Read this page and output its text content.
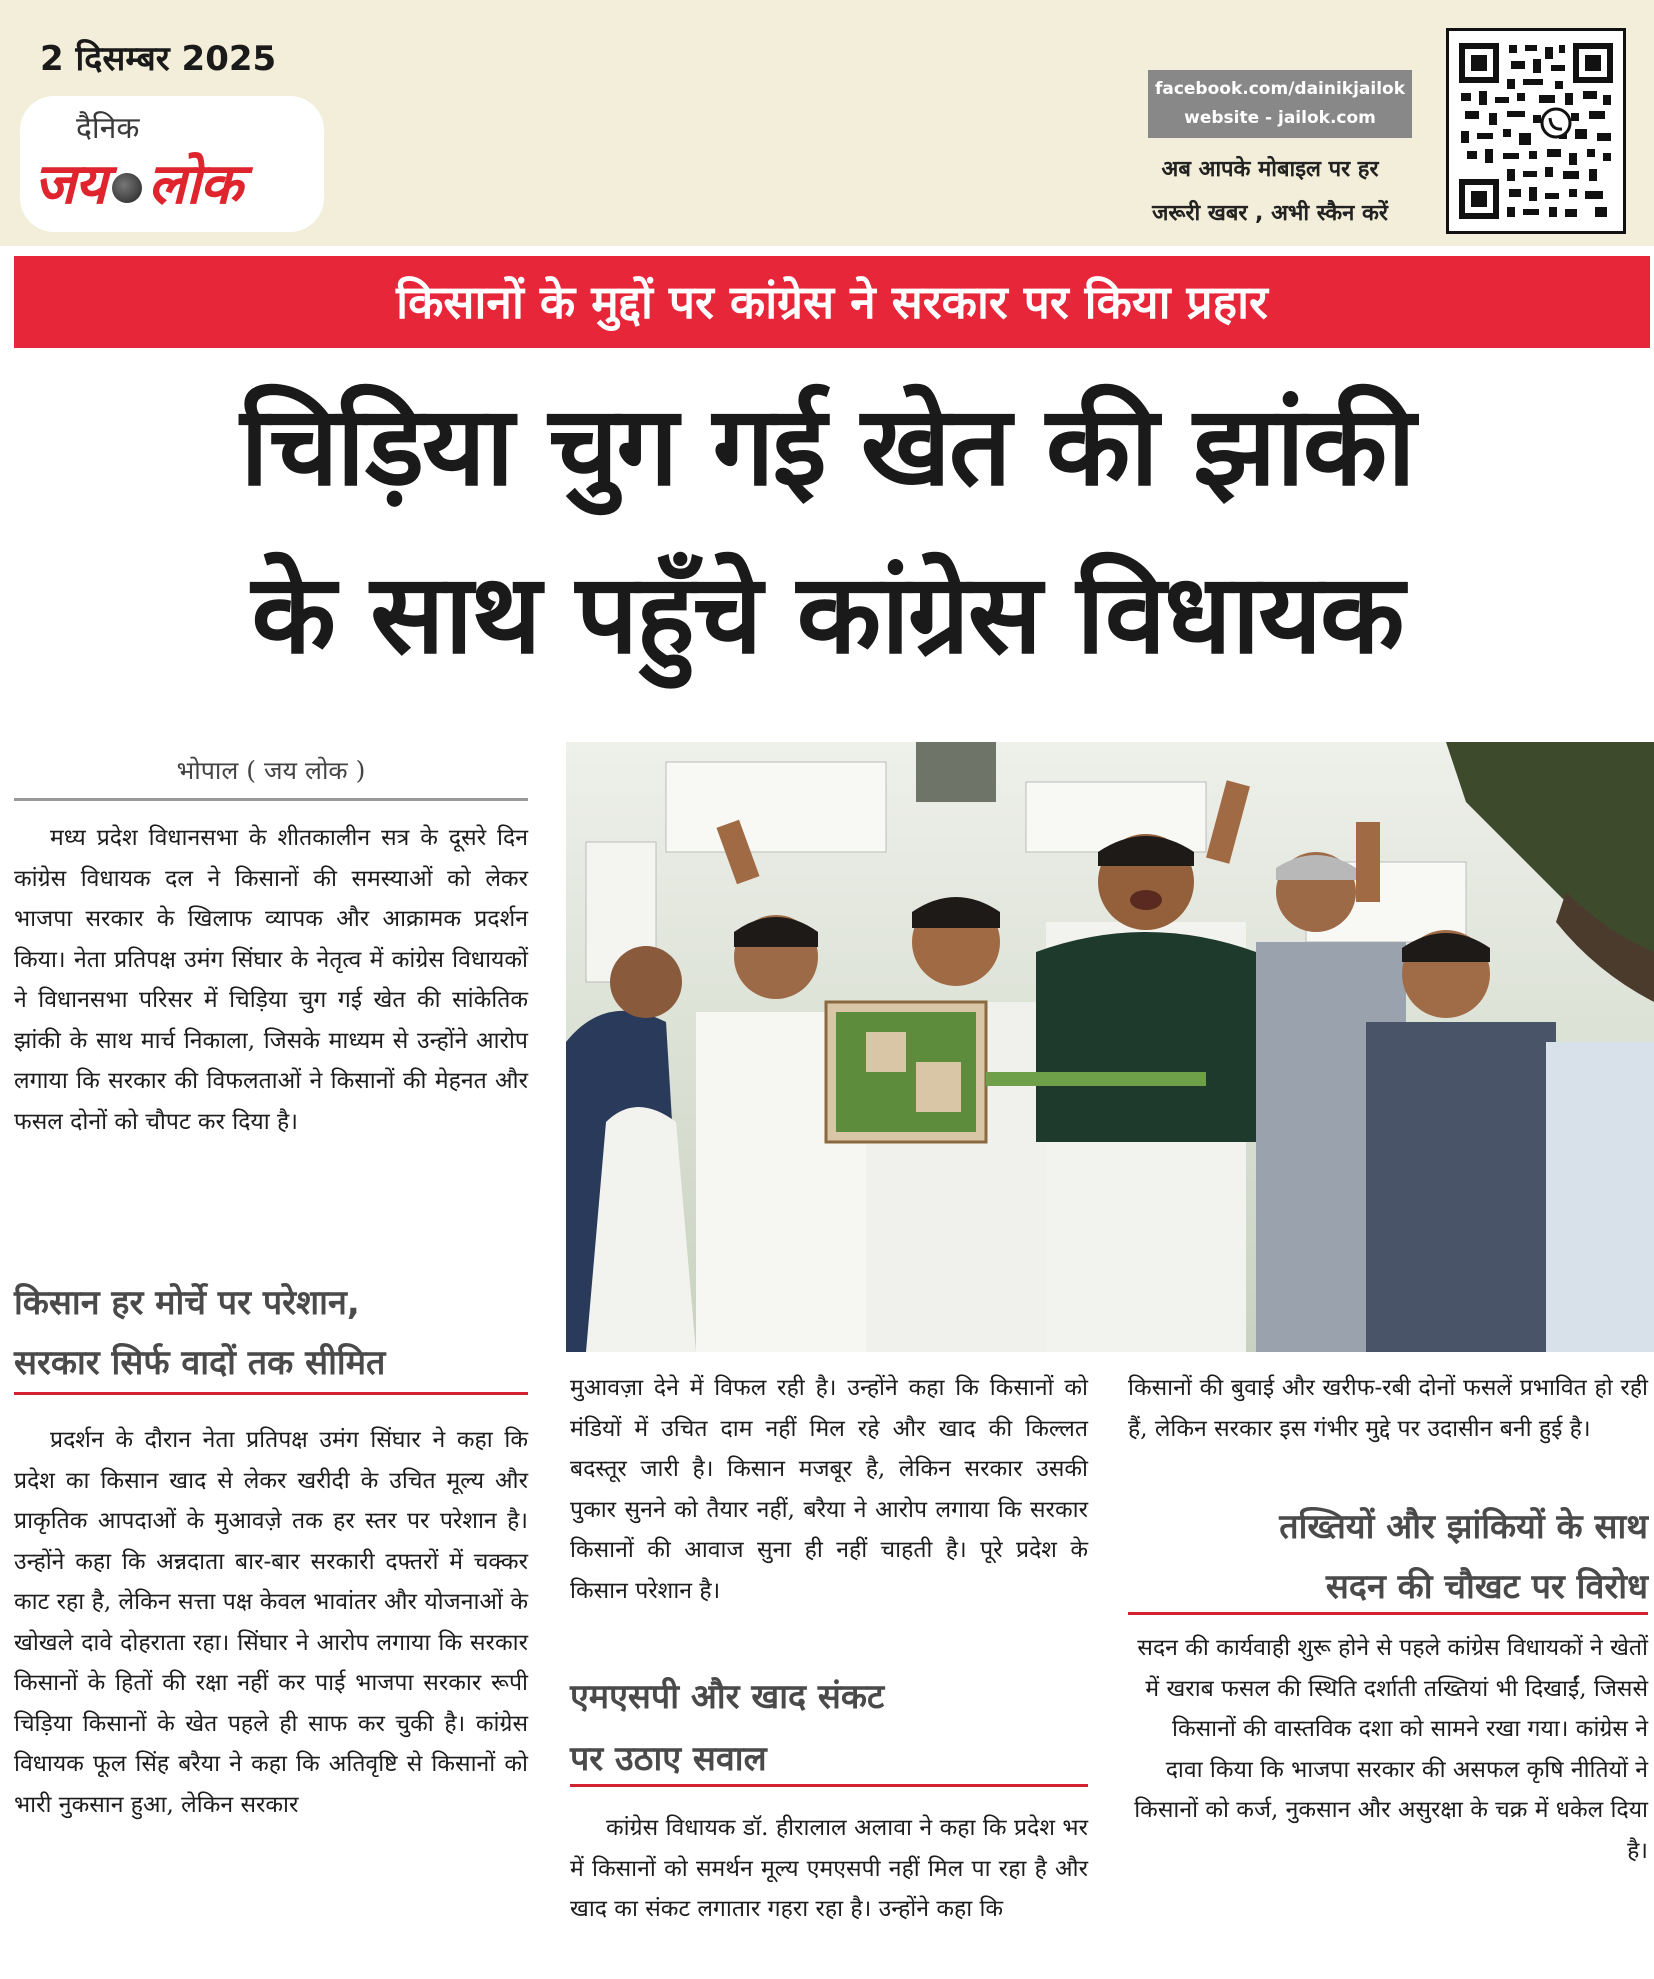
2 दिसम्बर 2025
दैनिक
जय लोक
facebook.com/dainikjailok
website - jailok.com
अब आपके मोबाइल पर हर
जरूरी खबर , अभी स्कैन करें
किसानों के मुद्दों पर कांग्रेस ने सरकार पर किया प्रहार
चिड़िया चुग गई खेत की झांकी
के साथ पहुँचे कांग्रेस विधायक
भोपाल ( जय लोक )

मध्य प्रदेश विधानसभा के शीतकालीन सत्र के दूसरे दिन कांग्रेस विधायक दल ने किसानों की समस्याओं को लेकर भाजपा सरकार के खिलाफ व्यापक और आक्रामक प्रदर्शन किया। नेता प्रतिपक्ष उमंग सिंघार के नेतृत्व में कांग्रेस विधायकों ने विधानसभा परिसर में चिड़िया चुग गई खेत की सांकेतिक झांकी के साथ मार्च निकाला, जिसके माध्यम से उन्होंने आरोप लगाया कि सरकार की विफलताओं ने किसानों की मेहनत और फसल दोनों को चौपट कर दिया है।

किसान हर मोर्चे पर परेशान,
सरकार सिर्फ वादों तक सीमित

प्रदर्शन के दौरान नेता प्रतिपक्ष उमंग सिंघार ने कहा कि प्रदेश का किसान खाद से लेकर खरीदी के उचित मूल्य और प्राकृतिक आपदाओं के मुआवज़े तक हर स्तर पर परेशान है। उन्होंने कहा कि अन्नदाता बार-बार सरकारी दफ्तरों में चक्कर काट रहा है, लेकिन सत्ता पक्ष केवल भावांतर और योजनाओं के खोखले दावे दोहराता रहा। सिंघार ने आरोप लगाया कि सरकार किसानों के हितों की रक्षा नहीं कर पाई भाजपा सरकार रूपी चिड़िया किसानों के खेत पहले ही साफ कर चुकी है। कांग्रेस विधायक फूल सिंह बरैया ने कहा कि अतिवृष्टि से किसानों को भारी नुकसान हुआ, लेकिन सरकार

मुआवज़ा देने में विफल रही है। उन्होंने कहा कि किसानों को मंडियों में उचित दाम नहीं मिल रहे और खाद की किल्लत बदस्तूर जारी है। किसान मजबूर है, लेकिन सरकार उसकी पुकार सुनने को तैयार नहीं, बरैया ने आरोप लगाया कि सरकार किसानों की आवाज सुना ही नहीं चाहती है। पूरे प्रदेश के किसान परेशान है।

एमएसपी और खाद संकट
पर उठाए सवाल

कांग्रेस विधायक डॉ. हीरालाल अलावा ने कहा कि प्रदेश भर में किसानों को समर्थन मूल्य एमएसपी नहीं मिल पा रहा है और खाद का संकट लगातार गहरा रहा है। उन्होंने कहा कि

किसानों की बुवाई और खरीफ-रबी दोनों फसलें प्रभावित हो रही हैं, लेकिन सरकार इस गंभीर मुद्दे पर उदासीन बनी हुई है।

तख्तियों और झांकियों के साथ
सदन की चौखट पर विरोध

सदन की कार्यवाही शुरू होने से पहले कांग्रेस विधायकों ने खेतों में खराब फसल की स्थिति दर्शाती तख्तियां भी दिखाईं, जिससे किसानों की वास्तविक दशा को सामने रखा गया। कांग्रेस ने दावा किया कि भाजपा सरकार की असफल कृषि नीतियों ने किसानों को कर्ज, नुकसान और असुरक्षा के चक्र में धकेल दिया है।
